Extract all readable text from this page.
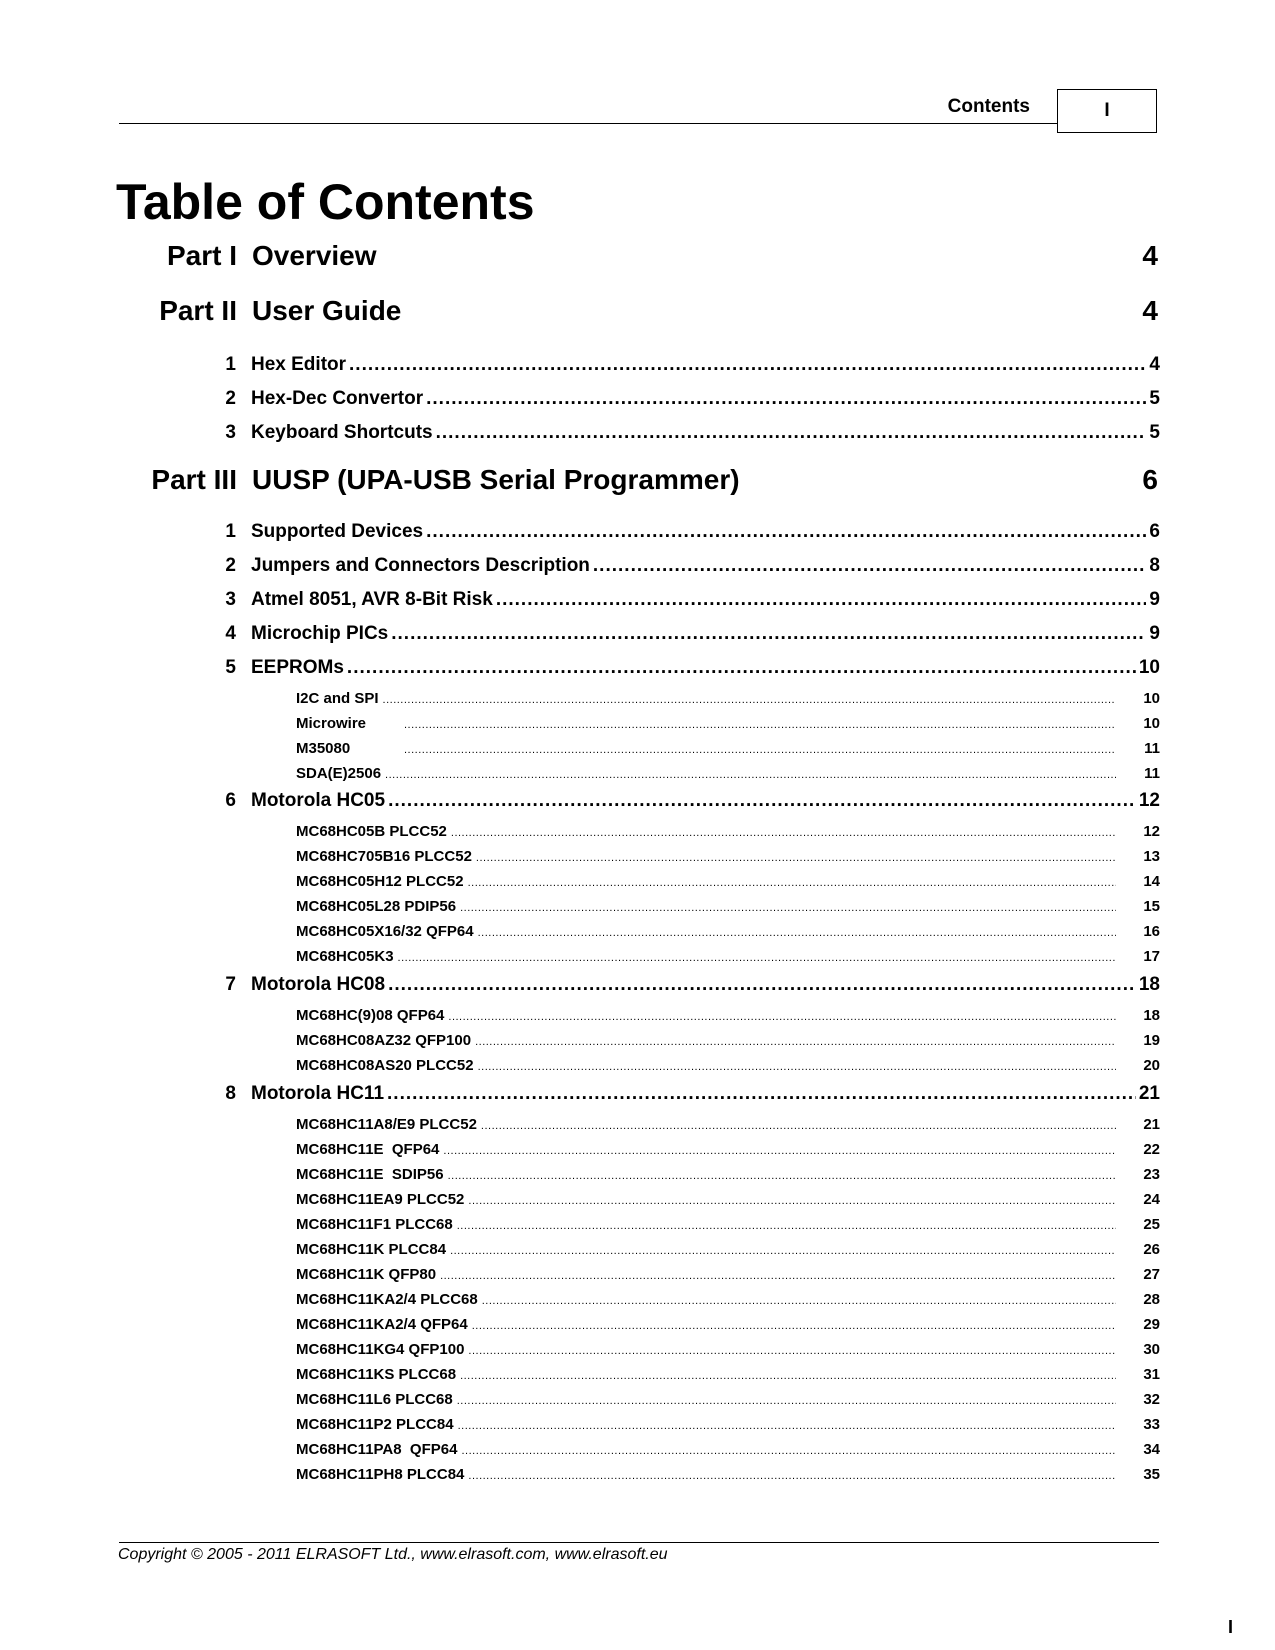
Contents	I
Table of Contents
Part I Overview	4
Part II User Guide	4
1 Hex Editor .....	4
2 Hex-Dec Convertor .....	5
3 Keyboard Shortcuts .....	5
Part III UUSP (UPA-USB Serial Programmer)	6
1 Supported Devices .....	6
2 Jumpers and Connectors Description .....	8
3 Atmel 8051, AVR 8-Bit Risk .....	9
4 Microchip PICs .....	9
5 EEPROMs .....	10
I2C and SPI .....	10
Microwire .....	10
M35080 .....	11
SDA(E)2506 .....	11
6 Motorola HC05 .....	12
MC68HC05B PLCC52 .....	12
MC68HC705B16 PLCC52 .....	13
MC68HC05H12 PLCC52 .....	14
MC68HC05L28 PDIP56 .....	15
MC68HC05X16/32 QFP64 .....	16
MC68HC05K3 .....	17
7 Motorola HC08 .....	18
MC68HC(9)08 QFP64 .....	18
MC68HC08AZ32 QFP100 .....	19
MC68HC08AS20 PLCC52 .....	20
8 Motorola HC11 .....	21
MC68HC11A8/E9 PLCC52 .....	21
MC68HC11E  QFP64 .....	22
MC68HC11E  SDIP56 .....	23
MC68HC11EA9 PLCC52 .....	24
MC68HC11F1 PLCC68 .....	25
MC68HC11K PLCC84 .....	26
MC68HC11K QFP80 .....	27
MC68HC11KA2/4 PLCC68 .....	28
MC68HC11KA2/4 QFP64 .....	29
MC68HC11KG4 QFP100 .....	30
MC68HC11KS PLCC68 .....	31
MC68HC11L6 PLCC68 .....	32
MC68HC11P2 PLCC84 .....	33
MC68HC11PA8  QFP64 .....	34
MC68HC11PH8 PLCC84 .....	35
Copyright © 2005 - 2011 ELRASOFT Ltd., www.elrasoft.com, www.elrasoft.eu
I
